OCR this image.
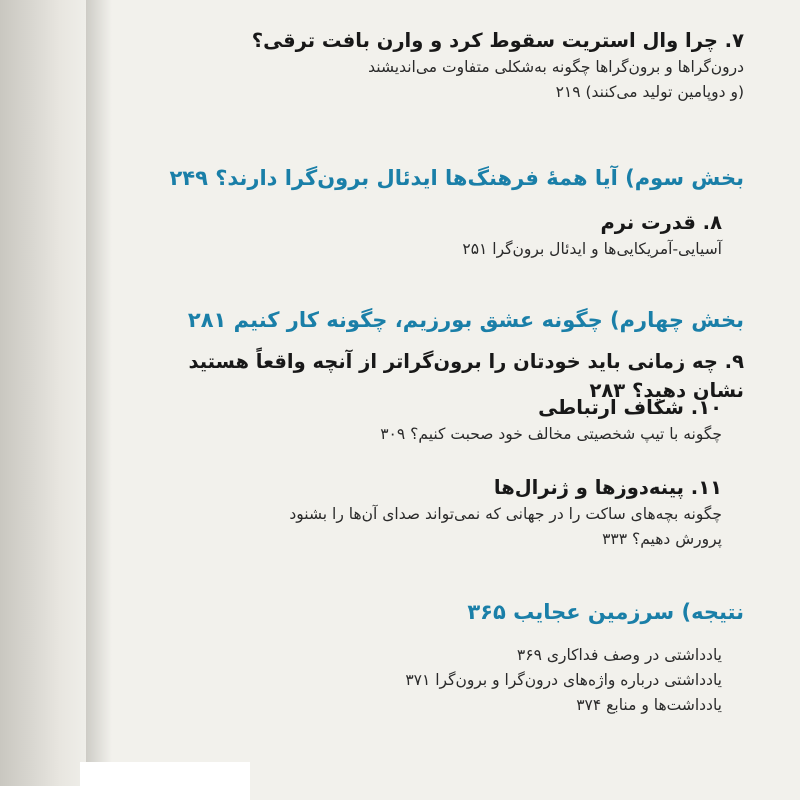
۷. چرا وال استریت سقوط کرد و وارن بافت ترقی؟
درون‌گراها و برون‌گراها چگونه به‌شکلی متفاوت می‌اندیشند
(و دوپامین تولید می‌کنند) ۲۱۹
بخش سوم) آیا همهٔ فرهنگ‌ها ایدئال برون‌گرا دارند؟ ۲۴۹
۸. قدرت نرم
آسیایی-آمریکایی‌ها و ایدئال برون‌گرا ۲۵۱
بخش چهارم) چگونه عشق بورزیم، چگونه کار کنیم ۲۸۱
۹. چه زمانی باید خودتان را برون‌گراتر از آنچه واقعاً هستید نشان دهید؟ ۲۸۳
۱۰. شکاف ارتباطی
چگونه با تیپ شخصیتی مخالف خود صحبت کنیم؟ ۳۰۹
۱۱. پینه‌دوزها و ژنرال‌ها
چگونه بچه‌های ساکت را در جهانی که نمی‌تواند صدای آن‌ها را بشنود
پرورش دهیم؟ ۳۳۳
نتیجه) سرزمین عجایب ۳۶۵
یادداشتی در وصف فداکاری ۳۶۹
یادداشتی درباره واژه‌های درون‌گرا و برون‌گرا ۳۷۱
یادداشت‌ها و منابع ۳۷۴
